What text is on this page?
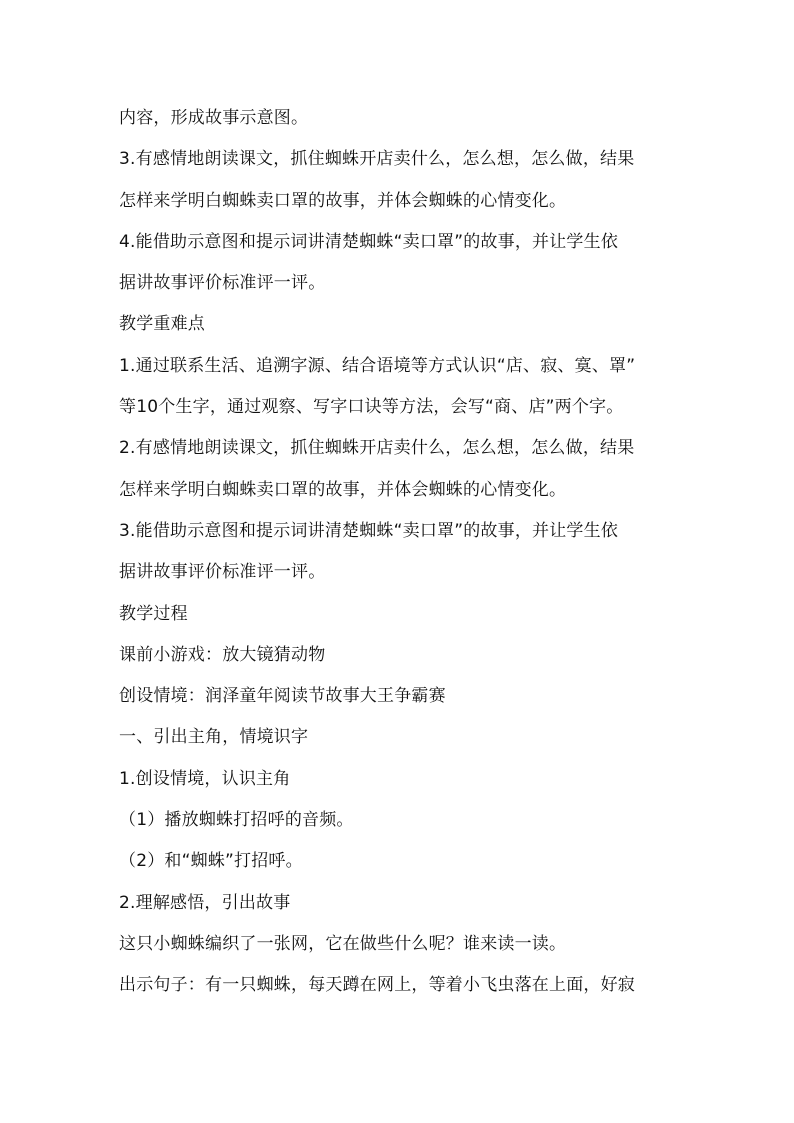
内容，形成故事示意图。
3.有感情地朗读课文，抓住蜘蛛开店卖什么，怎么想，怎么做，结果
怎样来学明白蜘蛛卖口罩的故事，并体会蜘蛛的心情变化。
4.能借助示意图和提示词讲清楚蜘蛛“卖口罩”的故事，并让学生依
据讲故事评价标准评一评。
教学重难点
1.通过联系生活、追溯字源、结合语境等方式认识“店、寂、寞、罩”
等10个生字，通过观察、写字口诀等方法，会写“商、店”两个字。
2.有感情地朗读课文，抓住蜘蛛开店卖什么，怎么想，怎么做，结果
怎样来学明白蜘蛛卖口罩的故事，并体会蜘蛛的心情变化。
3.能借助示意图和提示词讲清楚蜘蛛“卖口罩”的故事，并让学生依
据讲故事评价标准评一评。
教学过程
课前小游戏：放大镜猜动物
创设情境：润泽童年阅读节故事大王争霸赛
一、引出主角，情境识字
1.创设情境，认识主角
（1）播放蜘蛛打招呼的音频。
（2）和“蜘蛛”打招呼。
2.理解感悟，引出故事
这只小蜘蛛编织了一张网，它在做些什么呢？谁来读一读。
出示句子：有一只蜘蛛，每天蹲在网上，等着小飞虫落在上面，好寂
